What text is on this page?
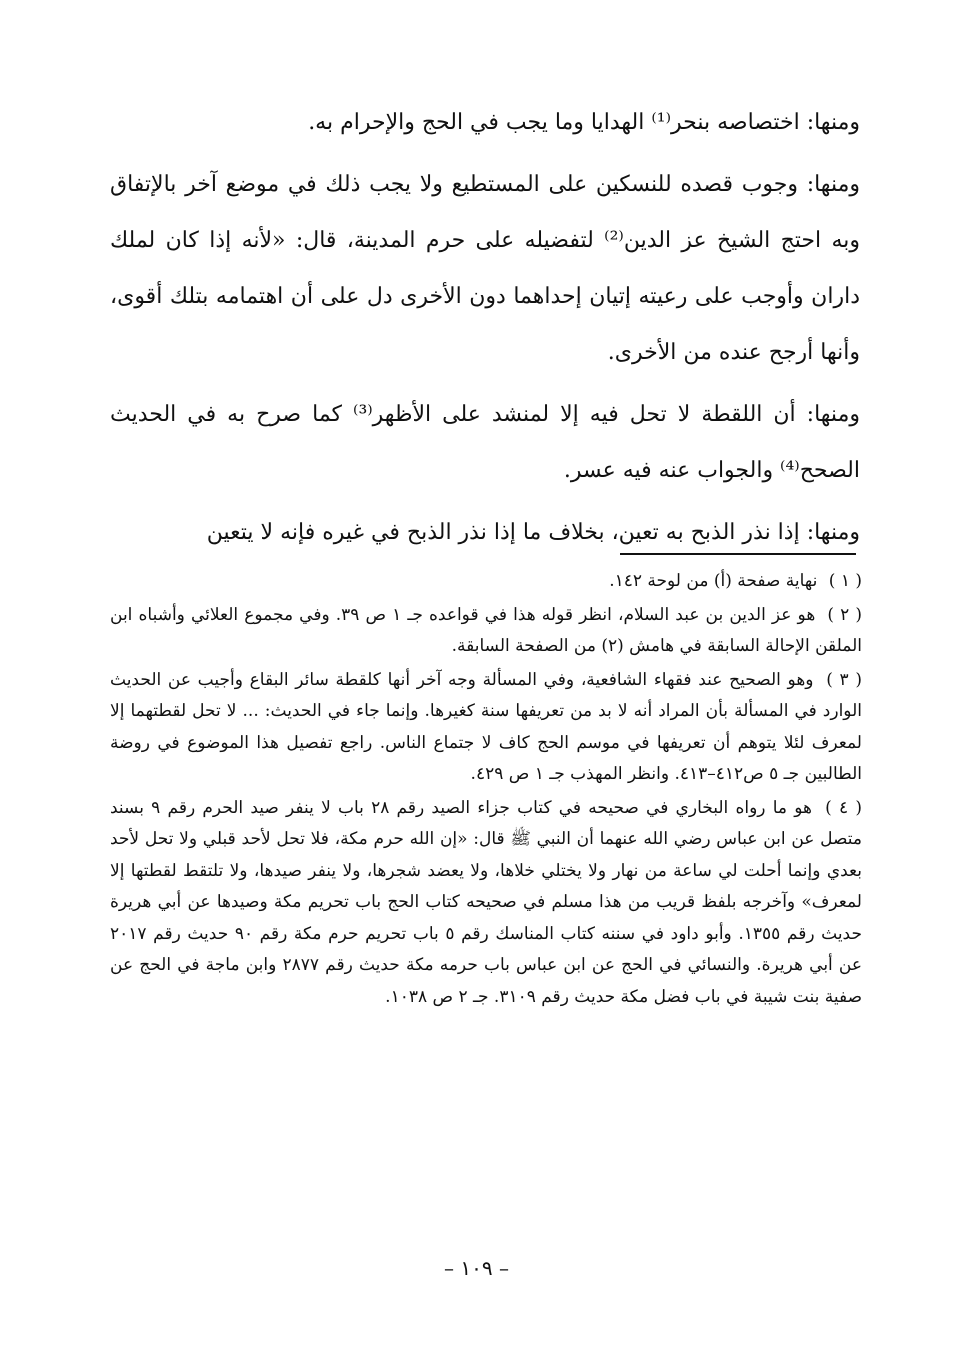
ومنها: اختصاصه بنحر⁽¹⁾ الهدايا وما يجب في الحج والإحرام به.

ومنها: وجوب قصده للنسكين على المستطيع ولا يجب ذلك في موضع آخر بالإتفاق وبه احتج الشيخ عز الدين⁽²⁾ لتفضيله على حرم المدينة، قال: «لأنه إذا كان لملك داران وأوجب على رعيته إتيان إحداهما دون الأخرى دل على أن اهتمامه بتلك أقوى، وأنها أرجح عنده من الأخرى.

ومنها: أن اللقطة لا تحل فيه إلا لمنشد على الأظهر⁽³⁾ كما صرح به في الحديث الصحح⁽⁴⁾ والجواب عنه فيه عسر.

ومنها: إذا نذر الذبح به تعين، بخلاف ما إذا نذر الذبح في غيره فإنه لا يتعين

( ١ ) نهاية صفحة (أ) من لوحة ١٤٢.

( ٢ ) هو عز الدين بن عبد السلام، انظر قوله هذا في قواعده جـ ١ ص ٣٩. وفي مجموع العلائي وأشباه ابن الملقن الإحالة السابقة في هامش (٢) من الصفحة السابقة.

( ٣ ) وهو الصحيح عند فقهاء الشافعية، وفي المسألة وجه آخر أنها كلقطة سائر البقاع وأجيب عن الحديث الوارد في المسألة بأن المراد أنه لا بد من تعريفها سنة كغيرها. وإنما جاء في الحديث: ... لا تحل لقطتهما إلا لمعرف لئلا يتوهم أن تعريفها في موسم الحج كاف لا جتماع الناس. راجع تفصيل هذا الموضوع في روضة الطالبين جـ ٥ ص٤١٢–٤١٣. وانظر المهذب جـ ١ ص ٤٢٩.

( ٤ ) هو ما رواه البخاري في صحيحه في كتاب جزاء الصيد رقم ٢٨ باب لا ينفر صيد الحرم رقم ٩ بسند متصل عن ابن عباس رضي الله عنهما أن النبي ﷺ قال: «إن الله حرم مكة، فلا تحل لأحد قبلي ولا تحل لأحد بعدي وإنما أحلت لي ساعة من نهار ولا يختلي خلاها، ولا يعضد شجرها، ولا ينفر صيدها، ولا تلتقط لقطتها إلا لمعرف» وآخرجه بلفظ قريب من هذا مسلم في صحيحه كتاب الحج باب تحريم مكة وصيدها عن أبي هريرة حديث رقم ١٣٥٥. وأبو داود في سننه كتاب المناسك رقم ٥ باب تحريم حرم مكة رقم ٩٠ حديث رقم ٢٠١٧ عن أبي هريرة. والنسائي في الحج عن ابن عباس باب حرمه مكة حديث رقم ٢٨٧٧ وابن ماجة في الحج عن صفية بنت شيبة في باب فضل مكة حديث رقم ٣١٠٩. جـ ٢ ص ١٠٣٨.

– ١٠٩ –
